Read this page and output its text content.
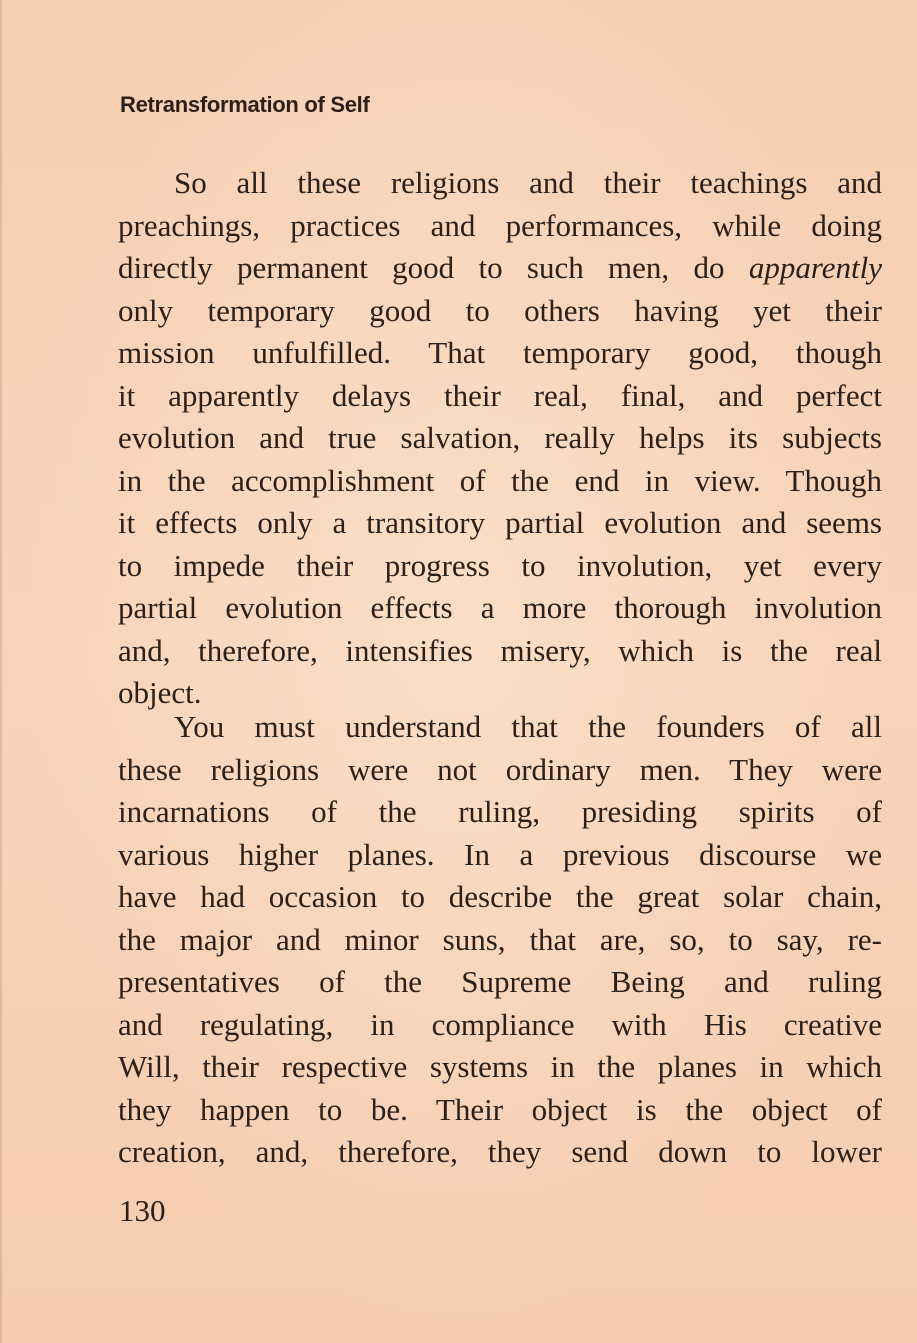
Retransformation of Self
So all these religions and their teachings and
preachings, practices and performances, while doing
directly permanent good to such men, do apparently
only temporary good to others having yet their
mission unfulfilled. That temporary good, though
it apparently delays their real, final, and perfect
evolution and true salvation, really helps its subjects
in the accomplishment of the end in view. Though
it effects only a transitory partial evolution and seems
to impede their progress to involution, yet every
partial evolution effects a more thorough involution
and, therefore, intensifies misery, which is the real
object.
You must understand that the founders of all
these religions were not ordinary men. They were
incarnations of the ruling, presiding spirits of
various higher planes. In a previous discourse we
have had occasion to describe the great solar chain,
the major and minor suns, that are, so, to say, re-
presentatives of the Supreme Being and ruling
and regulating, in compliance with His creative
Will, their respective systems in the planes in which
they happen to be. Their object is the object of
creation, and, therefore, they send down to lower
130
